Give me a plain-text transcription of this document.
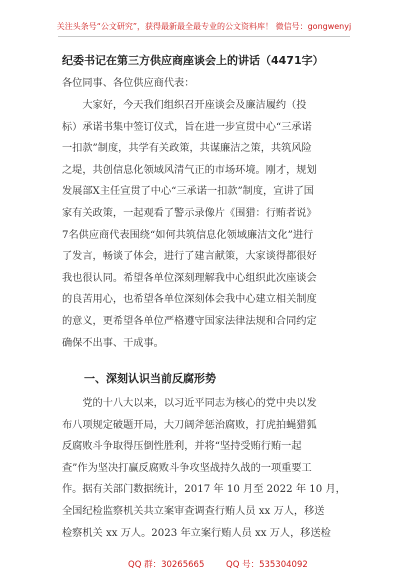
关注头条号“公文研究”，获得最新最全最专业的公文资料库！ 微信号：gongwenyj
纪委书记在第三方供应商座谈会上的讲话（4471字）
各位同事、各位供应商代表：
　　大家好，今天我们组织召开座谈会及廉洁履约（投
标）承诺书集中签订仪式，旨在进一步宣贯中心“三承诺
一扣款”制度，共学有关政策，共谋廉洁之策，共筑风险
之堤，共创信息化领域风清气正的市场环境。刚才，规划
发展部X主任宣贯了中心“三承诺一扣款”制度，宣讲了国
家有关政策，一起观看了警示录像片《围猎：行贿者说》
7名供应商代表围绕“如何共筑信息化领域廉洁文化”进行
了发言，畅谈了体会，进行了建言献策，大家谈得都很好
我也很认同。希望各单位深刻理解我中心组织此次座谈会
的良苦用心，也希望各单位深刻体会我中心建立相关制度
的意义，更希望各单位严格遵守国家法律法规和合同约定
确保不出事、干成事。
一、深刻认识当前反腐形势
　　党的十八大以来，以习近平同志为核心的党中央以发
布八项规定破题开局，大刀阔斧惩治腐败，打虎拍蝇猎狐
反腐败斗争取得压倒性胜利，并将“坚持受贿行贿一起
查”作为坚决打赢反腐败斗争攻坚战持久战的一项重要工
作。据有关部门数据统计，2017 年 10 月至 2022 年 10 月，
全国纪检监察机关共立案审查调查行贿人员 xx 万人，移送
检察机关 xx 万人。2023 年立案行贿人员 xx 万人，移送检
QQ 群：30265665	QQ 号：535304092
